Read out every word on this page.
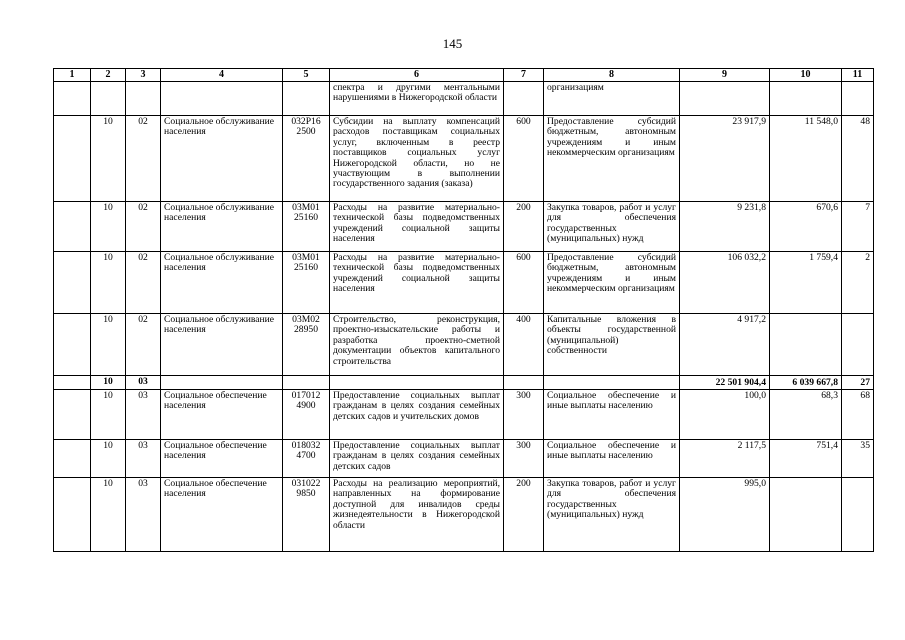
145
1	2	3	4	5	6	7	8	9	10	11
					спектра и другими ментальными нарушениями в Нижегородской области		организациям			
	10	02	Социальное обслуживание населения	032P16 2500	Субсидии на выплату компенсаций расходов поставщикам социальных услуг, включенным в реестр поставщиков социальных услуг Нижегородской области, но не участвующим в выполнении государственного задания (заказа)	600	Предоставление субсидий бюджетным, автономным учреждениям и иным некоммерческим организациям	23 917,9	11 548,0	48
	10	02	Социальное обслуживание населения	03М01 25160	Расходы на развитие материально-технической базы подведомственных учреждений социальной защиты населения	200	Закупка товаров, работ и услуг для обеспечения государственных (муниципальных) нужд	9 231,8	670,6	7
	10	02	Социальное обслуживание населения	03М01 25160	Расходы на развитие материально-технической базы подведомственных учреждений социальной защиты населения	600	Предоставление субсидий бюджетным, автономным учреждениям и иным некоммерческим организациям	106 032,2	1 759,4	2
	10	02	Социальное обслуживание населения	03М02 28950	Строительство, реконструкция, проектно-изыскательские работы и разработка проектно-сметной документации объектов капитального строительства	400	Капитальные вложения в объекты государственной (муниципальной) собственности	4 917,2		
	10	03						22 501 904,4	6 039 667,8	27
	10	03	Социальное обеспечение населения	017012 4900	Предоставление социальных выплат гражданам в целях создания семейных детских садов и учительских домов	300	Социальное обеспечение и иные выплаты населению	100,0	68,3	68
	10	03	Социальное обеспечение населения	018032 4700	Предоставление социальных выплат гражданам в целях создания семейных детских садов	300	Социальное обеспечение и иные выплаты населению	2 117,5	751,4	35
	10	03	Социальное обеспечение населения	031022 9850	Расходы на реализацию мероприятий, направленных на формирование доступной для инвалидов среды жизнедеятельности в Нижегородской области	200	Закупка товаров, работ и услуг для обеспечения государственных (муниципальных) нужд	995,0		
